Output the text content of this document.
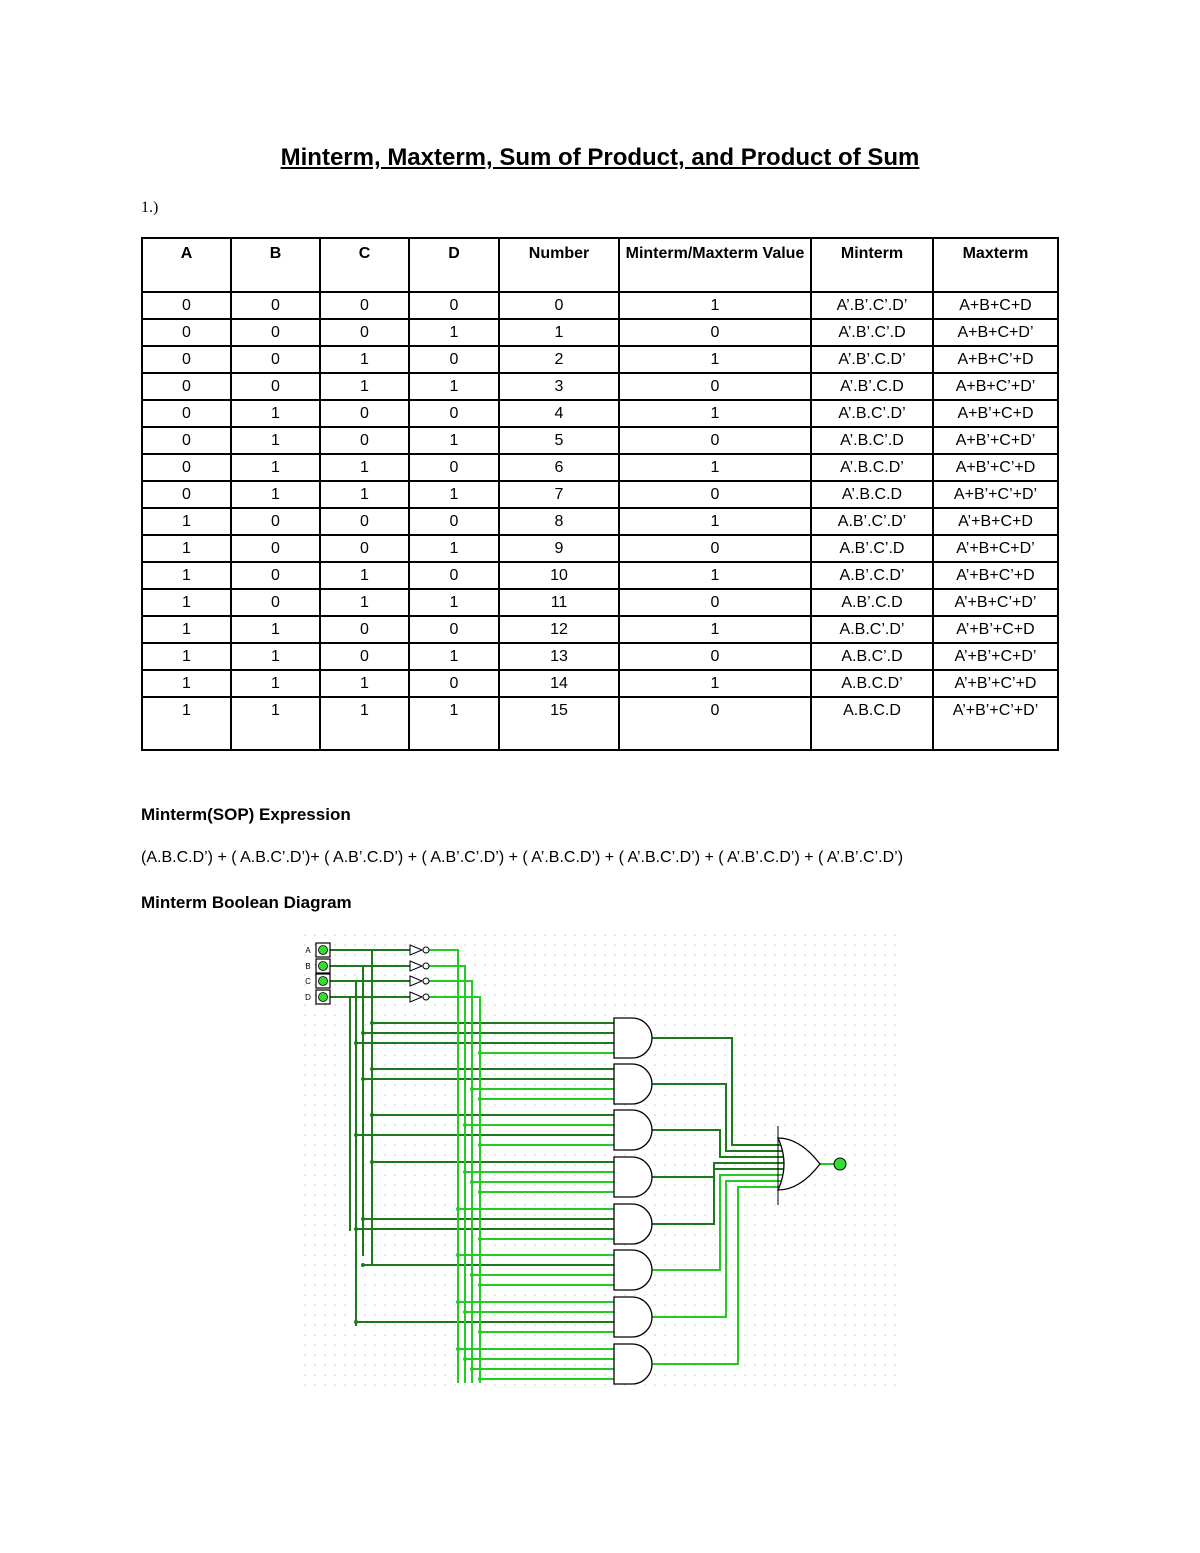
Minterm, Maxterm, Sum of Product, and Product of Sum
1.)
A	B	C	D	Number	Minterm/Maxterm Value	Minterm	Maxterm
0	0	0	0	0	1	A’.B’.C’.D’	A+B+C+D
0	0	0	1	1	0	A’.B’.C’.D	A+B+C+D’
0	0	1	0	2	1	A’.B’.C.D’	A+B+C’+D
0	0	1	1	3	0	A’.B’.C.D	A+B+C’+D’
0	1	0	0	4	1	A’.B.C’.D’	A+B’+C+D
0	1	0	1	5	0	A’.B.C’.D	A+B’+C+D’
0	1	1	0	6	1	A’.B.C.D’	A+B’+C’+D
0	1	1	1	7	0	A’.B.C.D	A+B’+C’+D’
1	0	0	0	8	1	A.B’.C’.D’	A’+B+C+D
1	0	0	1	9	0	A.B’.C’.D	A’+B+C+D’
1	0	1	0	10	1	A.B’.C.D’	A’+B+C’+D
1	0	1	1	11	0	A.B’.C.D	A’+B+C’+D’
1	1	0	0	12	1	A.B.C’.D’	A’+B’+C+D
1	1	0	1	13	0	A.B.C’.D	A’+B’+C+D’
1	1	1	0	14	1	A.B.C.D’	A’+B’+C’+D
1	1	1	1	15	0	A.B.C.D	A’+B’+C’+D’
Minterm(SOP) Expression
(A.B.C.D’) + ( A.B.C’.D’)+ ( A.B’.C.D’) + ( A.B’.C’.D’) + ( A’.B.C.D’) + ( A’.B.C’.D’) + ( A’.B’.C.D’) + ( A’.B’.C’.D’)
Minterm Boolean Diagram
A
B
C
D
